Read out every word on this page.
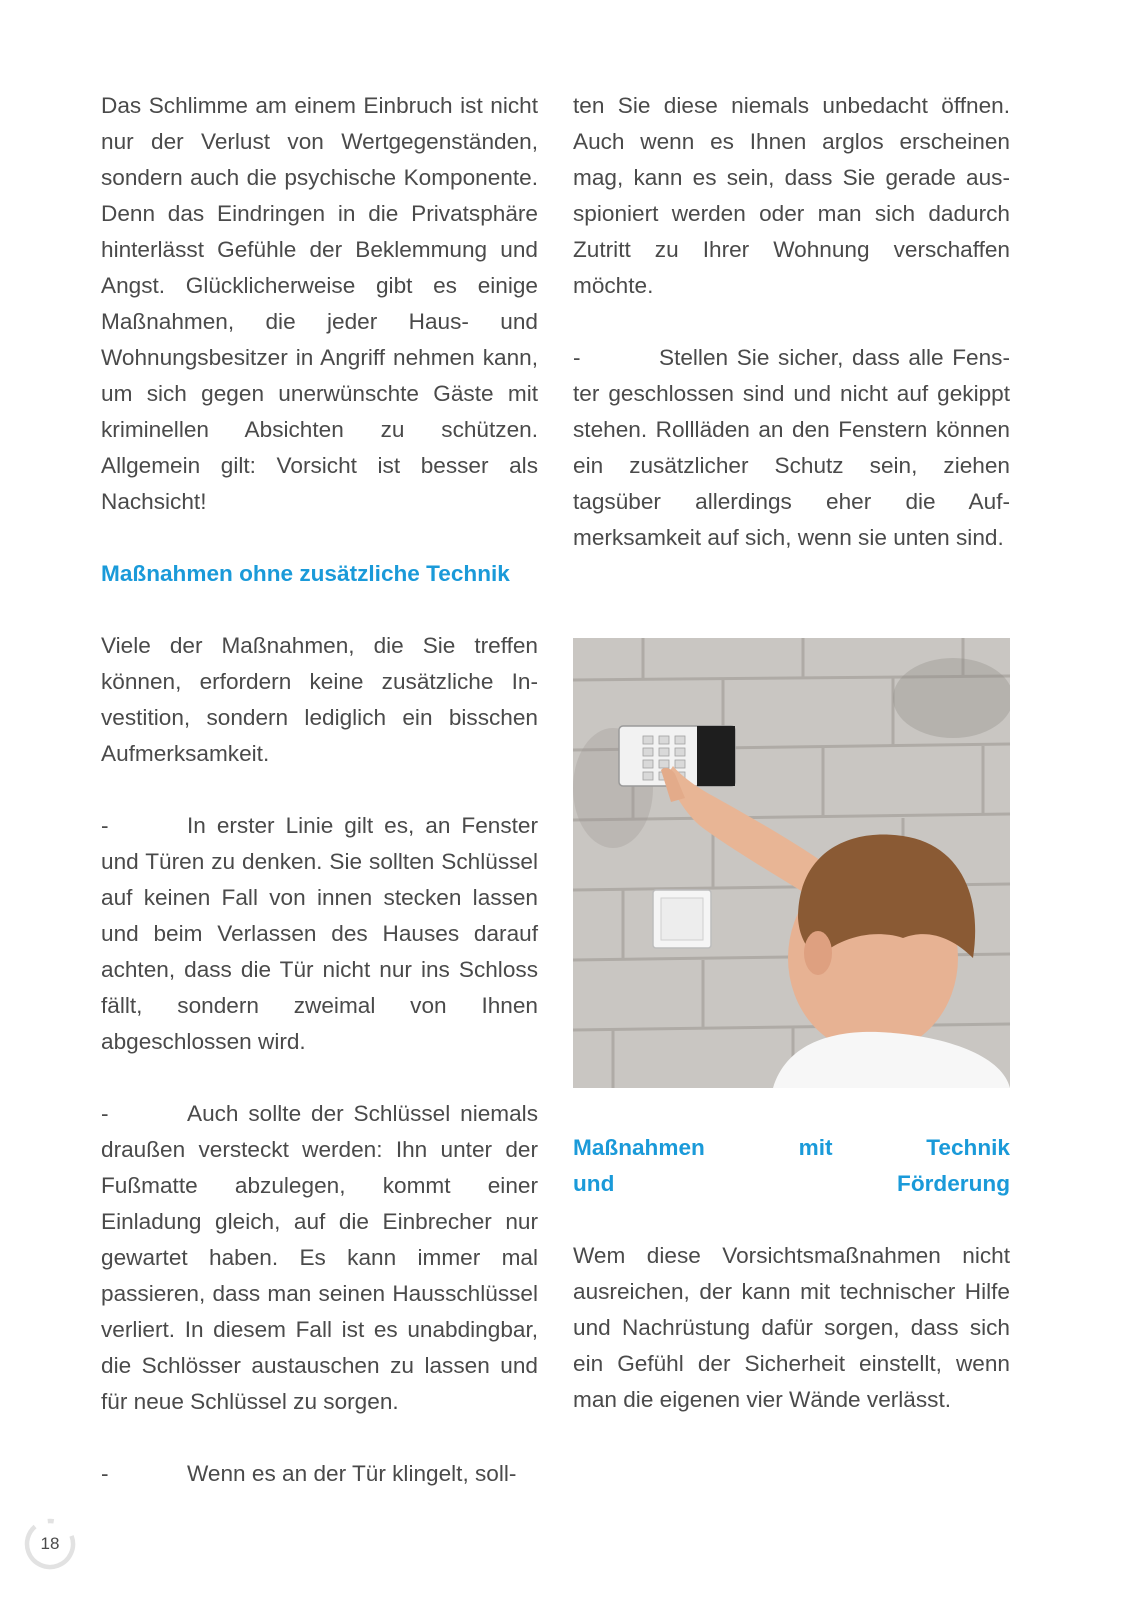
Das Schlimme am einem Einbruch ist nicht nur der Verlust von Wertgegenständen, sondern auch die psychische Komponente. Denn das Eindringen in die Privatsphäre hinterlässt Gefühle der Beklemmung und Angst. Glücklicherweise gibt es einige Maßnahmen, die jeder Haus- und Wohnungsbesitzer in Angriff nehmen kann, um sich gegen unerwünschte Gäste mit kriminellen Absichten zu schützen. Allgemein gilt: Vorsicht ist besser als Nachsicht!

Maßnahmen ohne zusätzliche Technik

Viele der Maßnahmen, die Sie treffen können, erfordern keine zusätzliche Investition, sondern lediglich ein bisschen Aufmerksamkeit.

-	In erster Linie gilt es, an Fenster und Türen zu denken. Sie sollten Schlüssel auf keinen Fall von innen stecken lassen und beim Verlassen des Hauses darauf achten, dass die Tür nicht nur ins Schloss fällt, sondern zweimal von Ihnen abgeschlossen wird.

-	Auch sollte der Schlüssel niemals draußen versteckt werden: Ihn unter der Fußmatte abzulegen, kommt einer Einladung gleich, auf die Einbrecher nur gewartet haben. Es kann immer mal passieren, dass man seinen Hausschlüssel verliert. In diesem Fall ist es unabdingbar, die Schlösser austauschen zu lassen und für neue Schlüssel zu sorgen.

-	Wenn es an der Tür klingelt, soll-

ten Sie diese niemals unbedacht öffnen. Auch wenn es Ihnen arglos erscheinen mag, kann es sein, dass Sie gerade ausspioniert werden oder man sich dadurch Zutritt zu Ihrer Wohnung verschaffen möchte.

-	Stellen Sie sicher, dass alle Fenster geschlossen sind und nicht auf gekippt stehen. Rollläden an den Fenstern können ein zusätzlicher Schutz sein, ziehen tagsüber allerdings eher die Aufmerksamkeit auf sich, wenn sie unten sind.

Maßnahmen mit Technik
und Förderung

Wem diese Vorsichtsmaßnahmen nicht ausreichen, der kann mit technischer Hilfe und Nachrüstung dafür sorgen, dass sich ein Gefühl der Sicherheit einstellt, wenn man die eigenen vier Wände verlässt.

18
